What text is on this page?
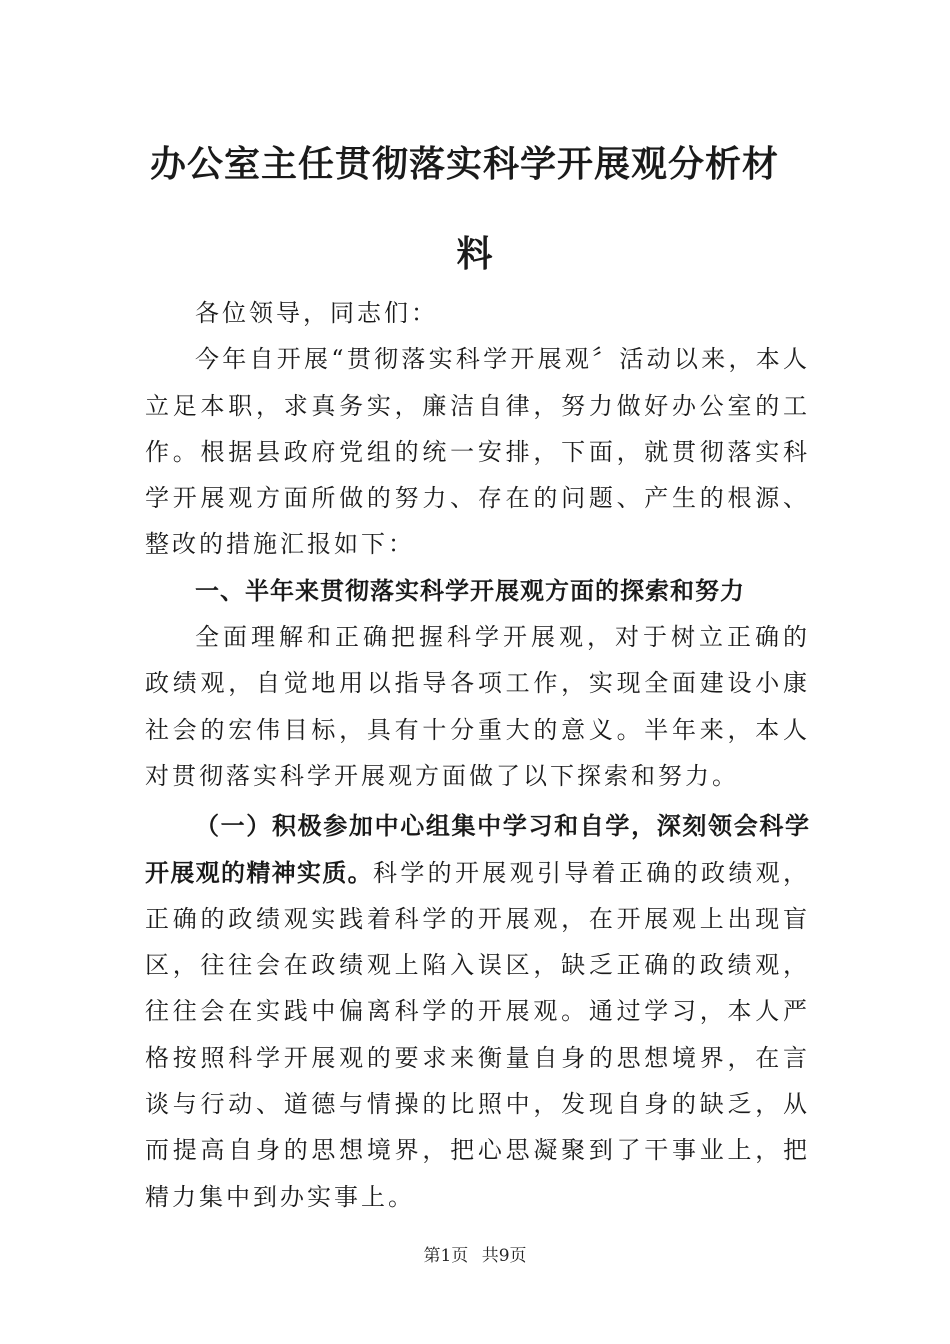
办公室主任贯彻落实科学开展观分析材
料

各位领导，同志们：

今年自开展“贯彻落实科学开展观〞活动以来，本人立足本职，求真务实，廉洁自律，努力做好办公室的工作。根据县政府党组的统一安排，下面，就贯彻落实科学开展观方面所做的努力、存在的问题、产生的根源、整改的措施汇报如下：

一、半年来贯彻落实科学开展观方面的探索和努力

全面理解和正确把握科学开展观，对于树立正确的政绩观，自觉地用以指导各项工作，实现全面建设小康社会的宏伟目标，具有十分重大的意义。半年来，本人对贯彻落实科学开展观方面做了以下探索和努力。

（一）积极参加中心组集中学习和自学，深刻领会科学开展观的精神实质。科学的开展观引导着正确的政绩观，正确的政绩观实践着科学的开展观，在开展观上出现盲区，往往会在政绩观上陷入误区，缺乏正确的政绩观，往往会在实践中偏离科学的开展观。通过学习，本人严格按照科学开展观的要求来衡量自身的思想境界，在言谈与行动、道德与情操的比照中，发现自身的缺乏，从而提高自身的思想境界，把心思凝聚到了干事业上，把精力集中到办实事上。

第1页 共9页
